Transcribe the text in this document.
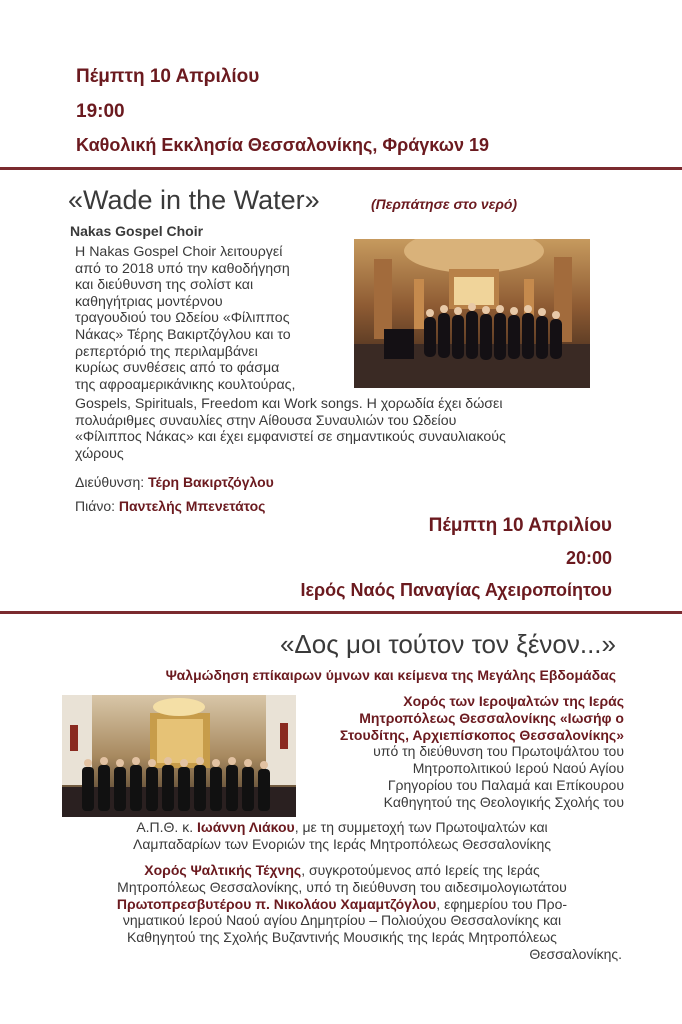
Πέμπτη 10 Απριλίου
19:00
Καθολική Εκκλησία Θεσσαλονίκης, Φράγκων 19
«Wade in the Water»	(Περπάτησε στο νερό)
Nakas Gospel Choir
Η Nakas Gospel Choir λειτουργεί
από το 2018 υπό την καθοδήγηση
και διεύθυνση της σολίστ και
καθηγήτριας μοντέρνου
τραγουδιού του Ωδείου «Φίλιππος
Νάκας» Τέρης Βακιρτζόγλου και το
ρεπερτόριό της περιλαμβάνει
κυρίως συνθέσεις από το φάσμα
της αφροαμερικάνικης κουλτούρας,
Gospels, Spirituals, Freedom και Work songs. Η χορωδία έχει δώσει
πολυάριθμες συναυλίες στην Αίθουσα Συναυλιών του Ωδείου
«Φίλιππος Νάκας» και έχει εμφανιστεί σε σημαντικούς συναυλιακούς
χώρους
Διεύθυνση: Τέρη Βακιρτζόγλου
Πιάνο: Παντελής Μπενετάτος
Πέμπτη 10 Απριλίου
20:00
Ιερός Ναός Παναγίας Αχειροποίητου
«Δος μοι τούτον τον ξένον...»
Ψαλμώδηση επίκαιρων ύμνων και κείμενα της Μεγάλης Εβδομάδας
Χορός των Ιεροψαλτών της Ιεράς
Μητροπόλεως Θεσσαλονίκης «Ιωσήφ ο
Στουδίτης, Αρχιεπίσκοπος Θεσσαλονίκης»
υπό τη διεύθυνση του Πρωτοψάλτου του
Μητροπολιτικού Ιερού Ναού Αγίου
Γρηγορίου του Παλαμά και Επίκουρου
Καθηγητού της Θεολογικής Σχολής του
Α.Π.Θ. κ. Ιωάννη Λιάκου, με τη συμμετοχή των Πρωτοψαλτών και
Λαμπαδαρίων των Ενοριών της Ιεράς Μητροπόλεως Θεσσαλονίκης
Χορός Ψαλτικής Τέχνης, συγκροτούμενος από Ιερείς της Ιεράς
Μητροπόλεως Θεσσαλονίκης, υπό τη διεύθυνση του αιδεσιμολογιωτάτου
Πρωτοπρεσβυτέρου π. Νικολάου Χαμαμτζόγλου, εφημερίου του Προ-
νηματικού Ιερού Ναού αγίου Δημητρίου – Πολιούχου Θεσσαλονίκης και
Καθηγητού της Σχολής Βυζαντινής Μουσικής της Ιεράς Μητροπόλεως
Θεσσαλονίκης.
